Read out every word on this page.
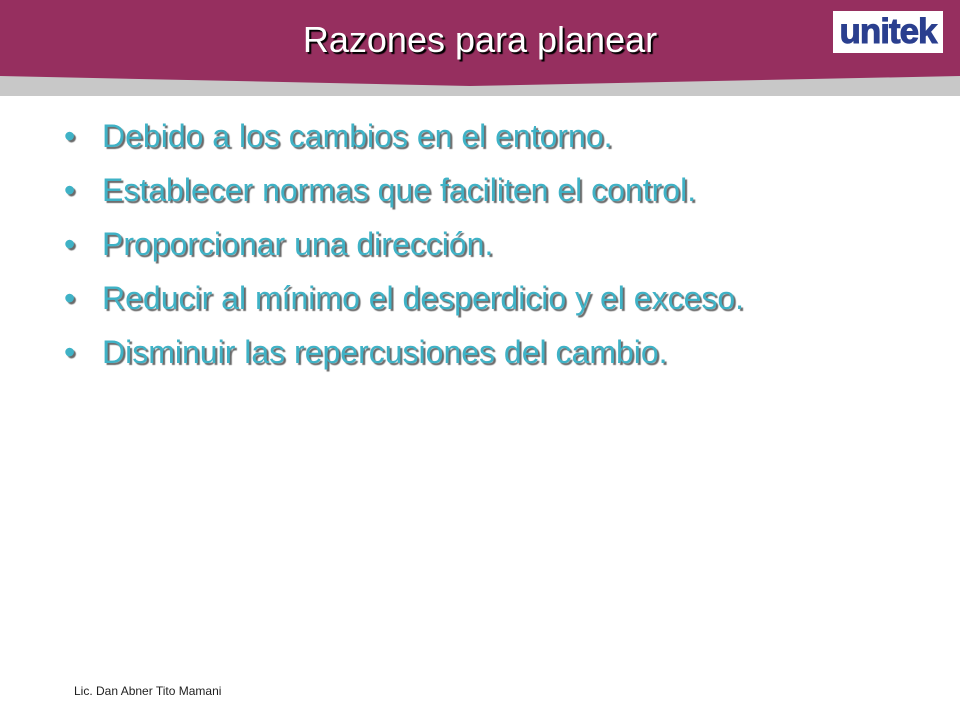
Razones para planear	unitek
• Debido a los cambios en el entorno.
• Establecer normas que faciliten el control.
• Proporcionar una dirección.
• Reducir al mínimo el desperdicio y el exceso.
• Disminuir las repercusiones del cambio.
Lic. Dan Abner Tito Mamani
